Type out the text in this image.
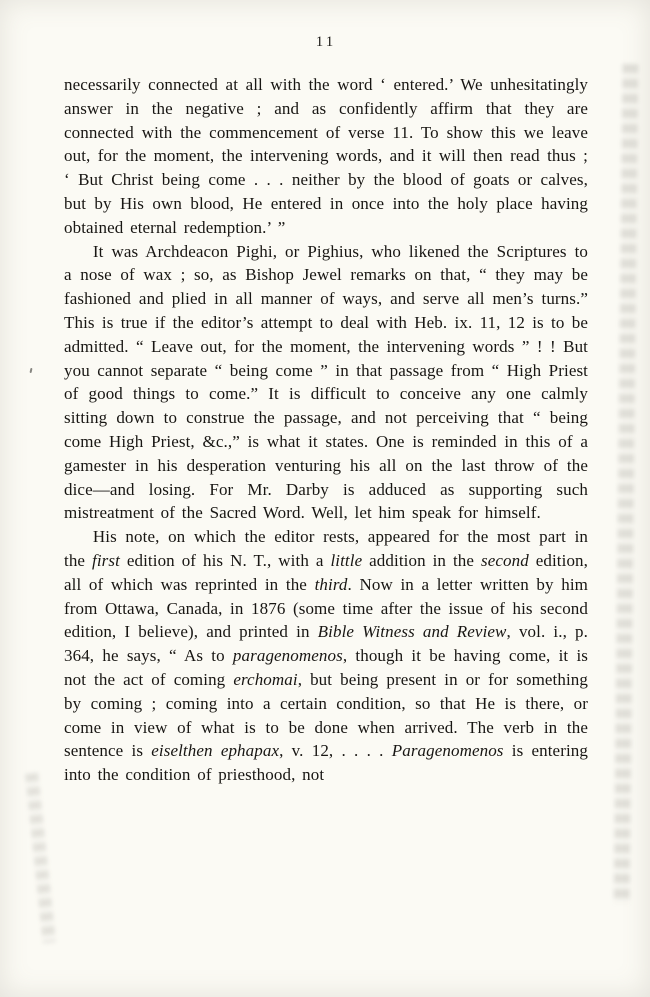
11

necessarily connected at all with the word ‘ entered.’ We unhesitatingly answer in the negative ; and as confidently affirm that they are connected with the commencement of verse 11. To show this we leave out, for the moment, the intervening words, and it will then read thus ; ‘ But Christ being come . . . neither by the blood of goats or calves, but by His own blood, He entered in once into the holy place having obtained eternal redemption.’ ”

It was Archdeacon Pighi, or Pighius, who likened the Scriptures to a nose of wax ; so, as Bishop Jewel remarks on that, “ they may be fashioned and plied in all manner of ways, and serve all men’s turns.” This is true if the editor’s attempt to deal with Heb. ix. 11, 12 is to be admitted. “ Leave out, for the moment, the intervening words ” ! ! But you cannot separate “ being come ” in that passage from “ High Priest of good things to come.” It is difficult to conceive any one calmly sitting down to construe the passage, and not perceiving that “ being come High Priest, &c.,” is what it states. One is reminded in this of a gamester in his desperation venturing his all on the last throw of the dice—and losing. For Mr. Darby is adduced as supporting such mistreatment of the Sacred Word. Well, let him speak for himself.

His note, on which the editor rests, appeared for the most part in the first edition of his N. T., with a little addition in the second edition, all of which was reprinted in the third. Now in a letter written by him from Ottawa, Canada, in 1876 (some time after the issue of his second edition, I believe), and printed in Bible Witness and Review, vol. i., p. 364, he says, “ As to paragenomenos, though it be having come, it is not the act of coming erchomai, but being present in or for something by coming ; coming into a certain condition, so that He is there, or come in view of what is to be done when arrived. The verb in the sentence is eiselthen ephapax, v. 12, . . . . Paragenomenos is entering into the condition of priesthood, not
